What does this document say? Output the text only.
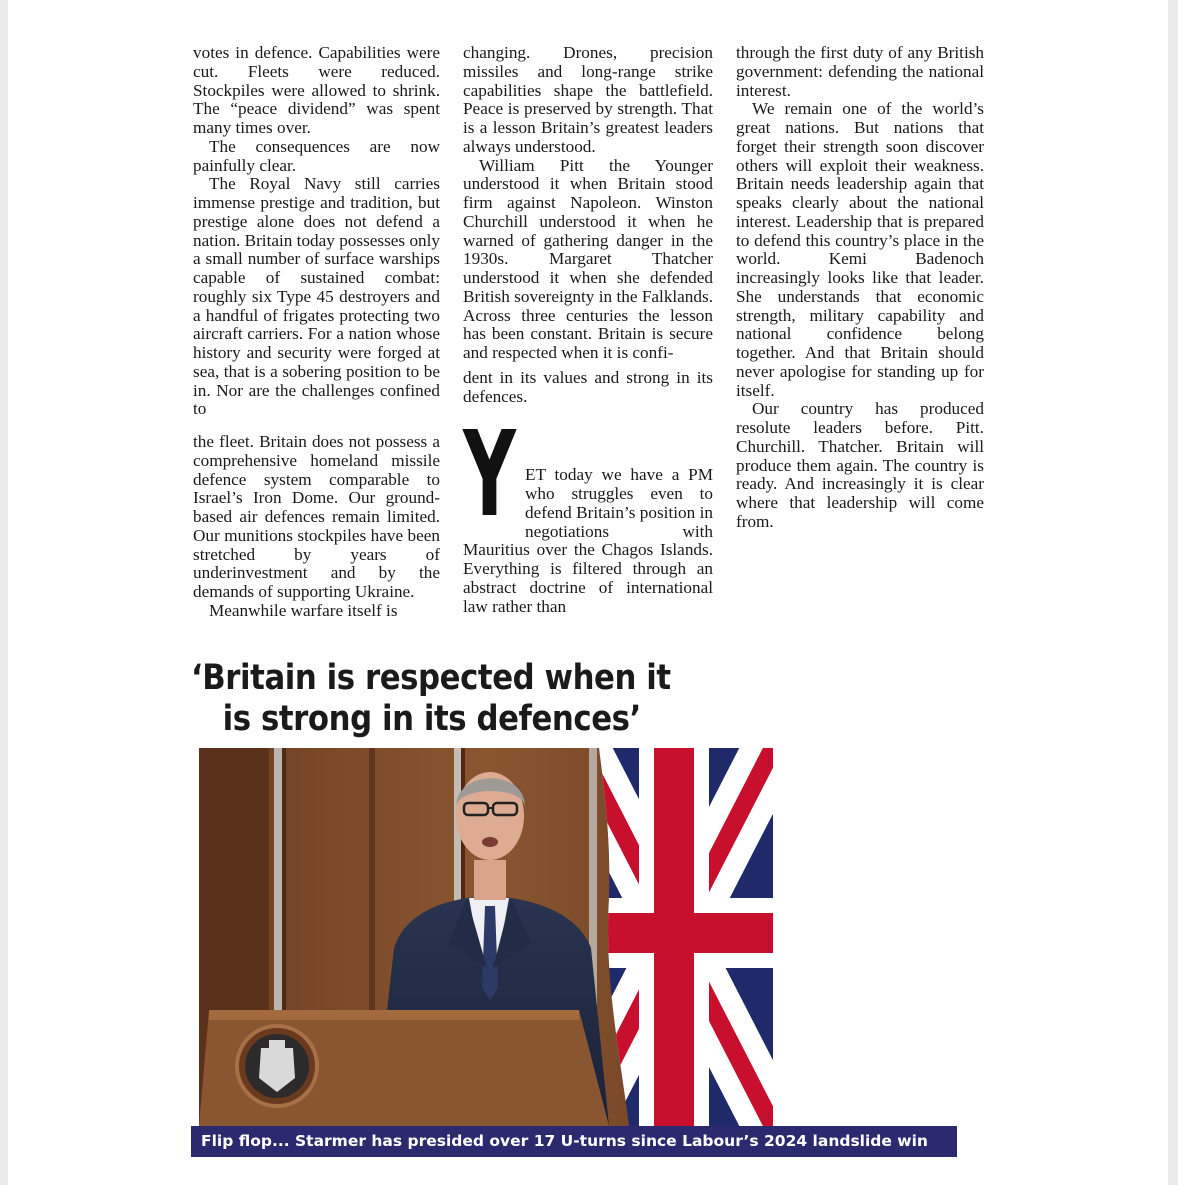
votes in defence. Capabilities were cut. Fleets were reduced. Stockpiles were allowed to shrink. The “peace dividend” was spent many times over.

The consequences are now painfully clear.

The Royal Navy still carries immense prestige and tradition, but prestige alone does not defend a nation. Britain today possesses only a small number of surface warships capable of sustained combat: roughly six Type 45 destroyers and a handful of frigates protecting two aircraft carriers. For a nation whose history and security were forged at sea, that is a sobering position to be in. Nor are the challenges confined to

the fleet. Britain does not possess a comprehensive homeland missile defence system comparable to Israel’s Iron Dome. Our ground-based air defences remain limited. Our munitions stockpiles have been stretched by years of underinvestment and by the demands of supporting Ukraine.

Meanwhile warfare itself is

changing. Drones, precision missiles and long-range strike capabilities shape the battlefield. Peace is preserved by strength. That is a lesson Britain’s greatest leaders always understood.

William Pitt the Younger understood it when Britain stood firm against Napoleon. Winston Churchill understood it when he warned of gathering danger in the 1930s. Margaret Thatcher understood it when she defended British sovereignty in the Falklands. Across three centuries the lesson has been constant. Britain is secure and respected when it is confi-

dent in its values and strong in its defences.

Y ET today we have a PM who struggles even to defend Britain’s position in negotiations with Mauritius over the Chagos Islands. Everything is filtered through an abstract doctrine of international law rather than

through the first duty of any British government: defending the national interest.

We remain one of the world’s great nations. But nations that forget their strength soon discover others will exploit their weakness. Britain needs leadership again that speaks clearly about the national interest. Leadership that is prepared to defend this country’s place in the world. Kemi Badenoch increasingly looks like that leader. She understands that economic strength, military capability and national confidence belong together. And that Britain should never apologise for standing up for itself.

Our country has produced resolute leaders before. Pitt. Churchill. Thatcher. Britain will produce them again. The country is ready. And increasingly it is clear where that leadership will come from.

‘Britain is respected when it
is strong in its defences’
Flip flop... Starmer has presided over 17 U-turns since Labour’s 2024 landslide win
